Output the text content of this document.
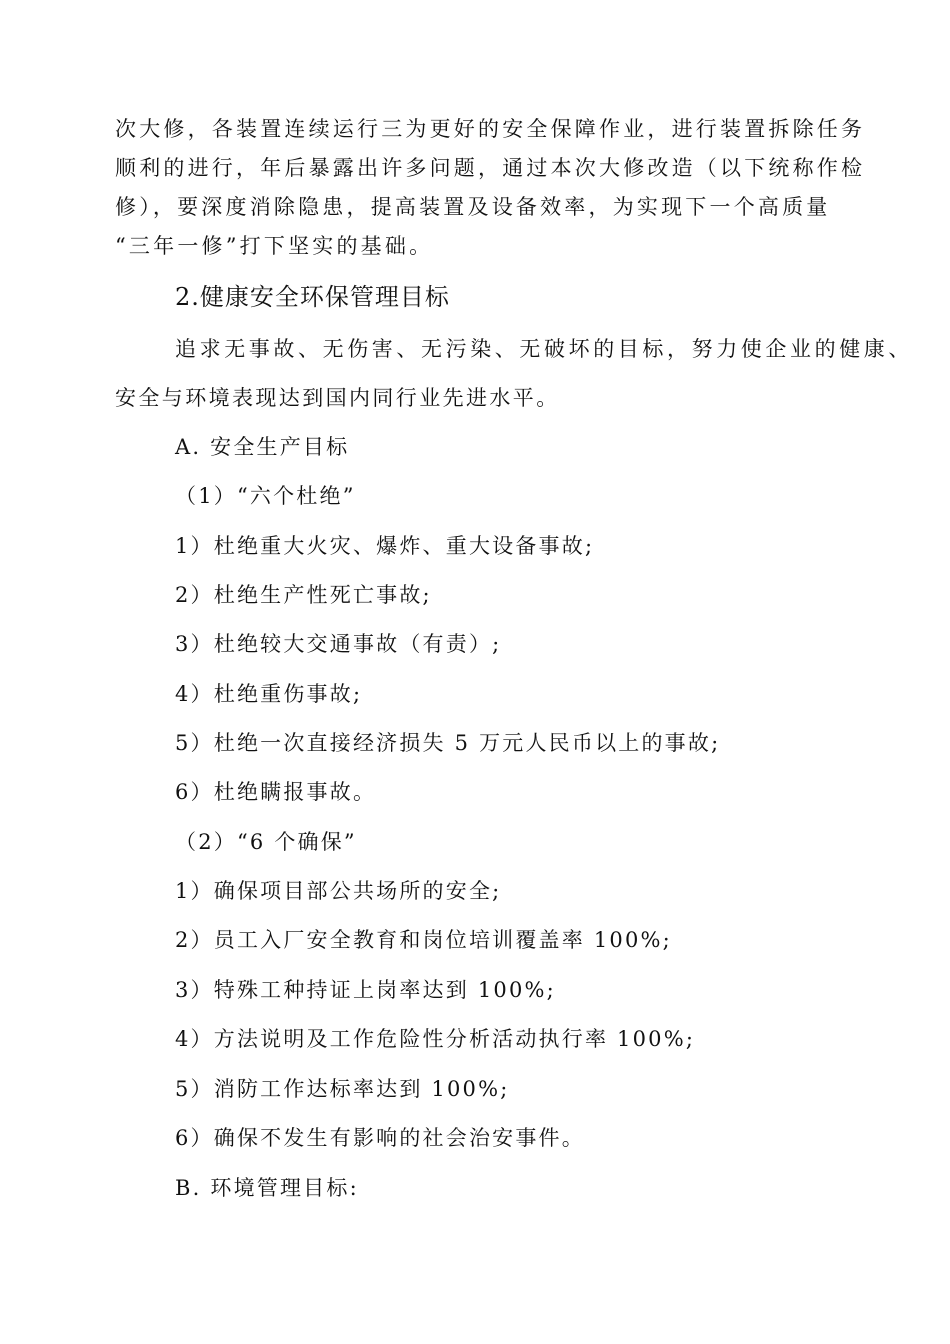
次大修，各装置连续运行三为更好的安全保障作业，进行装置拆除任务
顺利的进行，年后暴露出许多问题，通过本次大修改造（以下统称作检
修），要深度消除隐患，提高装置及设备效率，为实现下一个高质量
“三年一修”打下坚实的基础。
2.健康安全环保管理目标
追求无事故、无伤害、无污染、无破坏的目标，努力使企业的健康、
安全与环境表现达到国内同行业先进水平。
A. 安全生产目标
（1）“六个杜绝”
1）杜绝重大火灾、爆炸、重大设备事故;
2）杜绝生产性死亡事故;
3）杜绝较大交通事故（有责）;
4）杜绝重伤事故;
5）杜绝一次直接经济损失 5 万元人民币以上的事故;
6）杜绝瞒报事故。
（2）“6 个确保”
1）确保项目部公共场所的安全;
2）员工入厂安全教育和岗位培训覆盖率 100%;
3）特殊工种持证上岗率达到 100%;
4）方法说明及工作危险性分析活动执行率 100%;
5）消防工作达标率达到 100%;
6）确保不发生有影响的社会治安事件。
B. 环境管理目标:
